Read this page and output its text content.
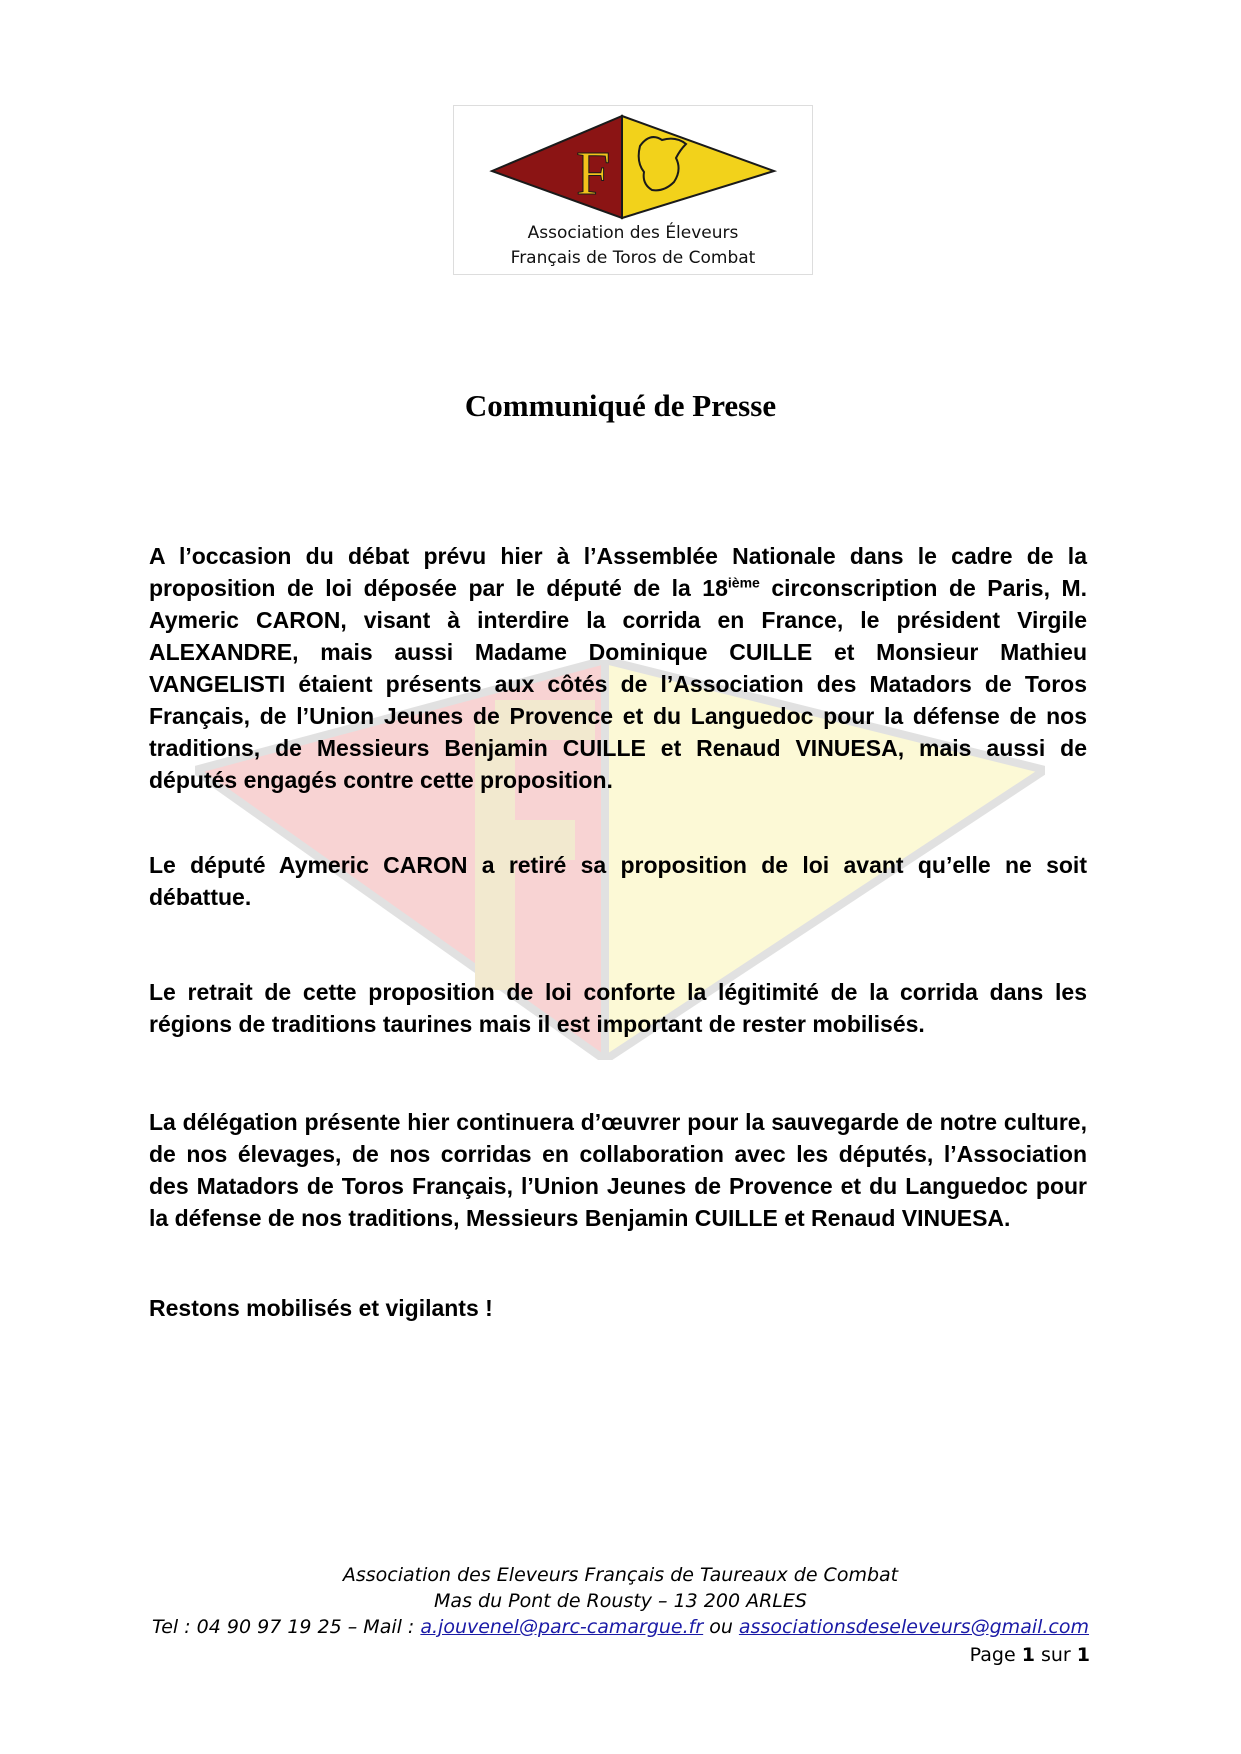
F
Association des Éleveurs
Français de Toros de Combat
Communiqué de Presse
A l’occasion du débat prévu hier à l’Assemblée Nationale dans le cadre de la proposition de loi déposée par le député de la 18ième circonscription de Paris, M. Aymeric CARON, visant à interdire la corrida en France, le président Virgile ALEXANDRE, mais aussi Madame Dominique CUILLE et Monsieur Mathieu VANGELISTI étaient présents aux côtés de l’Association des Matadors de Toros Français, de l’Union Jeunes de Provence et du Languedoc pour la défense de nos traditions, de Messieurs Benjamin CUILLE et Renaud VINUESA, mais aussi de députés engagés contre cette proposition.
Le député Aymeric CARON a retiré sa proposition de loi avant qu’elle ne soit débattue.
Le retrait de cette proposition de loi conforte la légitimité de la corrida dans les régions de traditions taurines mais il est important de rester mobilisés.
La délégation présente hier continuera d’œuvrer pour la sauvegarde de notre culture, de nos élevages, de nos corridas en collaboration avec les députés, l’Association des Matadors de Toros Français, l’Union Jeunes de Provence et du Languedoc pour la défense de nos traditions, Messieurs Benjamin CUILLE et Renaud VINUESA.
Restons mobilisés et vigilants !
Association des Eleveurs Français de Taureaux de Combat
Mas du Pont de Rousty – 13 200 ARLES
Tel : 04 90 97 19 25 – Mail : a.jouvenel@parc-camargue.fr ou associationsdeseleveurs@gmail.com
Page 1 sur 1
